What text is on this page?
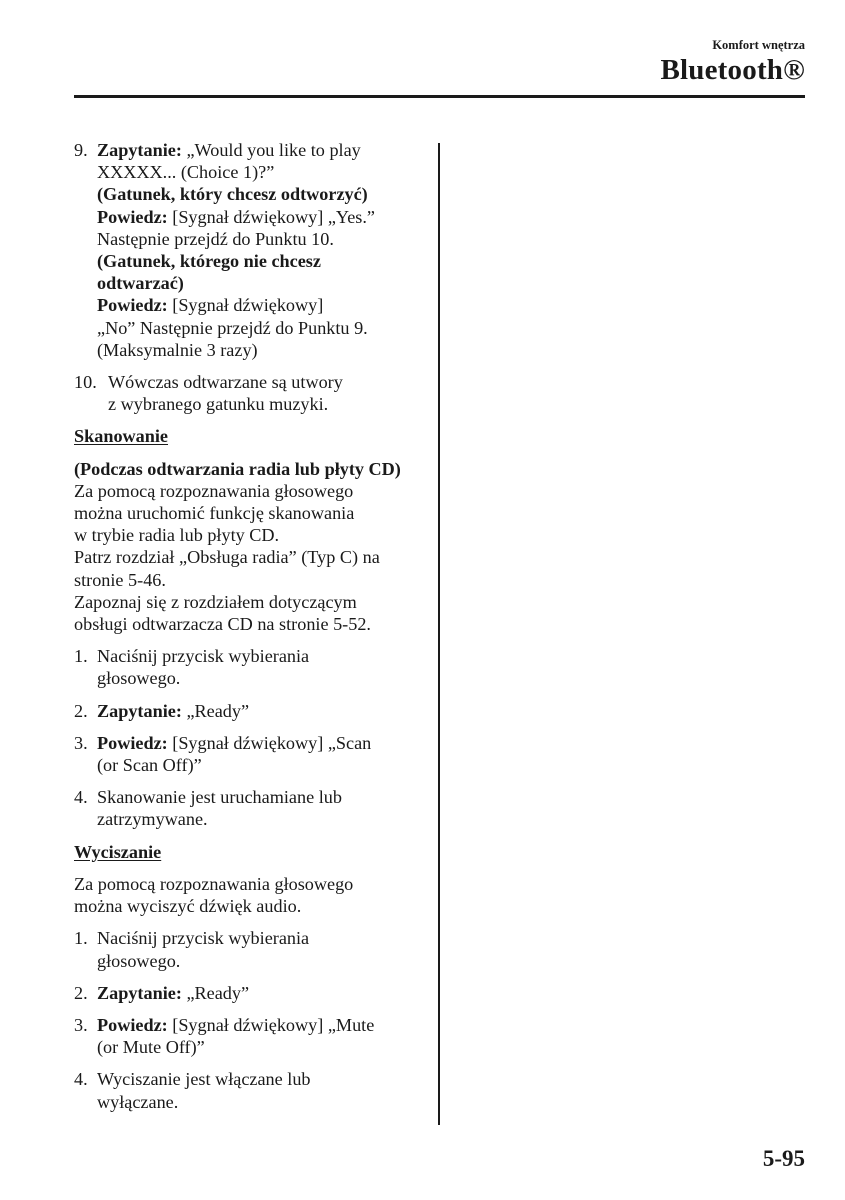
Komfort wnętrza
Bluetooth®
9. Zapytanie: „Would you like to play
XXXXX... (Choice 1)?”
(Gatunek, który chcesz odtworzyć)
Powiedz: [Sygnał dźwiękowy] „Yes.”
Następnie przejdź do Punktu 10.
(Gatunek, którego nie chcesz
odtwarzać)
Powiedz: [Sygnał dźwiękowy]
„No” Następnie przejdź do Punktu 9.
(Maksymalnie 3 razy)
10. Wówczas odtwarzane są utwory
z wybranego gatunku muzyki.
Skanowanie
(Podczas odtwarzania radia lub płyty CD)
Za pomocą rozpoznawania głosowego
można uruchomić funkcję skanowania
w trybie radia lub płyty CD.
Patrz rozdział „Obsługa radia” (Typ C) na
stronie 5-46.
Zapoznaj się z rozdziałem dotyczącym
obsługi odtwarzacza CD na stronie 5-52.
1. Naciśnij przycisk wybierania
głosowego.
2. Zapytanie: „Ready”
3. Powiedz: [Sygnał dźwiękowy] „Scan
(or Scan Off)”
4. Skanowanie jest uruchamiane lub
zatrzymywane.
Wyciszanie
Za pomocą rozpoznawania głosowego
można wyciszyć dźwięk audio.
1. Naciśnij przycisk wybierania
głosowego.
2. Zapytanie: „Ready”
3. Powiedz: [Sygnał dźwiękowy] „Mute
(or Mute Off)”
4. Wyciszanie jest włączane lub
wyłączane.
5-95
